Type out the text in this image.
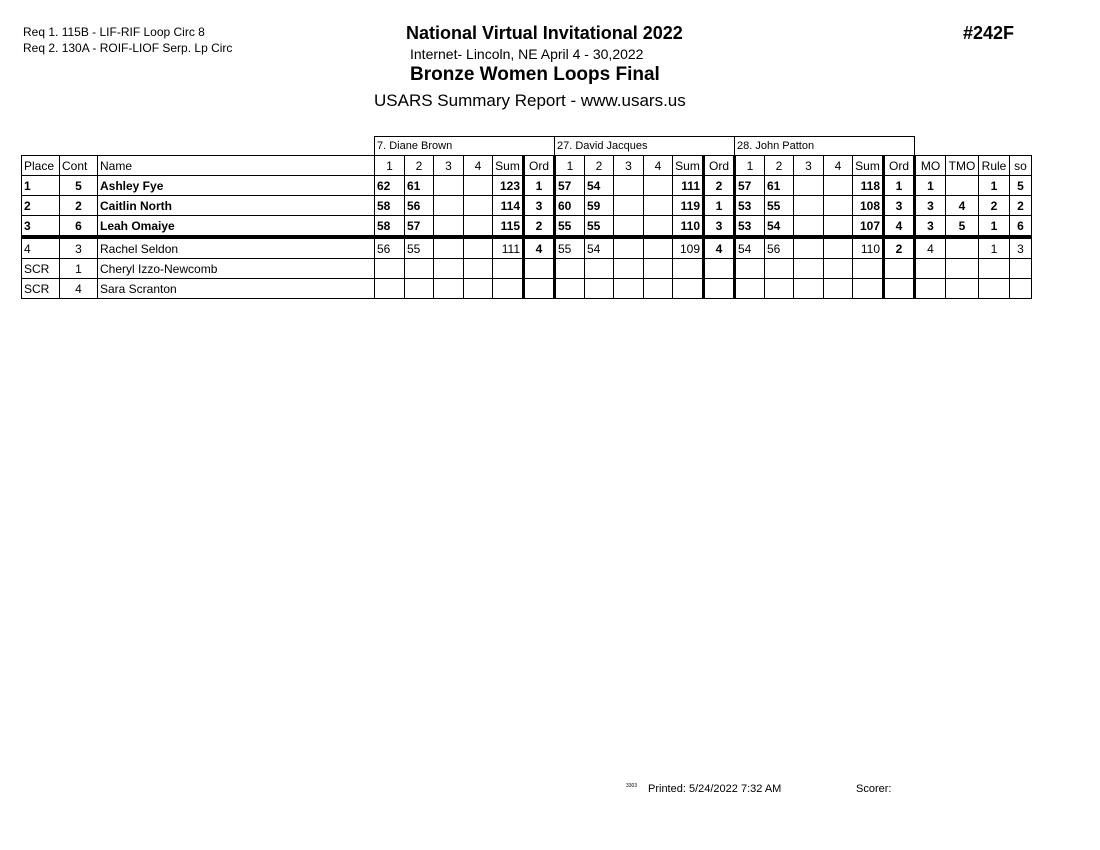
Req 1. 115B - LIF-RIF Loop Circ 8
Req 2. 130A - ROIF-LIOF Serp. Lp Circ
National Virtual Invitational 2022
Internet- Lincoln, NE April 4 - 30,2022
Bronze Women Loops Final
USARS Summary Report - www.usars.us
#242F
			7. Diane Brown						27. David Jacques						28. John Patton									
Place	Cont	Name	1	2	3	4	Sum	Ord	1	2	3	4	Sum	Ord	1	2	3	4	Sum	Ord	MO	TMO	Rule	so
1	5	Ashley Fye	62	61			123	1	57	54			111	2	57	61			118	1	1		1	5
2	2	Caitlin North	58	56			114	3	60	59			119	1	53	55			108	3	3	4	2	2
3	6	Leah Omaiye	58	57			115	2	55	55			110	3	53	54			107	4	3	5	1	6
4	3	Rachel Seldon	56	55			111	4	55	54			109	4	54	56			110	2	4		1	3
SCR	1	Cheryl Izzo-Newcomb																						
SCR	4	Sara Scranton																						
3303 Printed: 5/24/2022 7:32 AM	Scorer:
